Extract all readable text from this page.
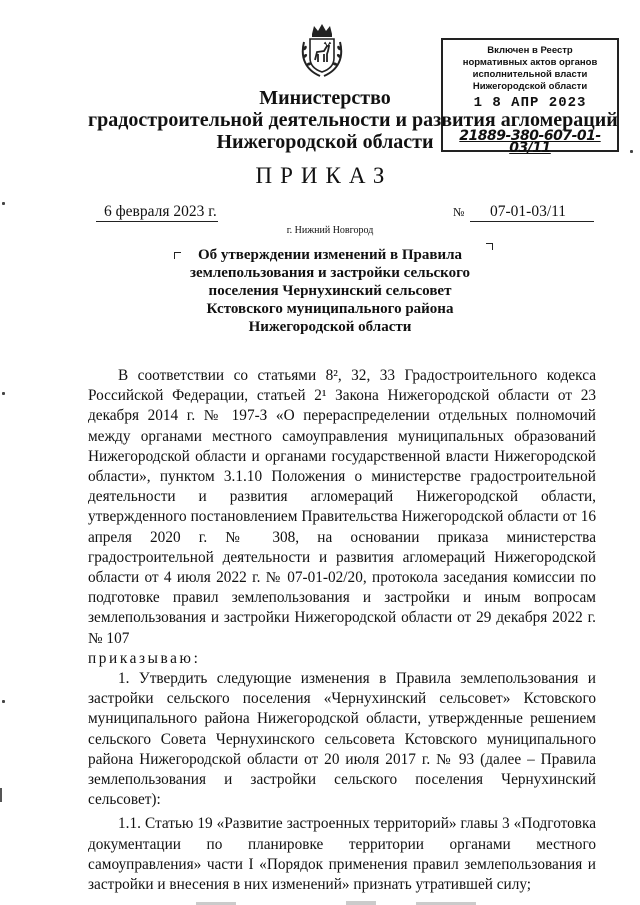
Включен в Реестр
нормативных актов органов
исполнительной власти
Нижегородской области
1 8 АПР 2023
21889-380-607-01-03/11
Министерство
градостроительной деятельности и развития агломераций
Нижегородской области
ПРИКАЗ
6 февраля 2023 г.	№ 07-01-03/11
г. Нижний Новгород
Об утверждении изменений в Правила
землепользования и застройки сельского
поселения Чернухинский сельсовет
Кстовского муниципального района
Нижегородской области

В соответствии со статьями 8², 32, 33 Градостроительного кодекса Российской Федерации, статьей 2¹ Закона Нижегородской области от 23 декабря 2014 г. № 197-З «О перераспределении отдельных полномочий между органами местного самоуправления муниципальных образований Нижегородской области и органами государственной власти Нижегородской области», пунктом 3.1.10 Положения о министерстве градостроительной деятельности и развития агломераций Нижегородской области, утвержденного постановлением Правительства Нижегородской области от 16 апреля 2020 г. № 308, на основании приказа министерства градостроительной деятельности и развития агломераций Нижегородской области от 4 июля 2022 г. № 07-01-02/20, протокола заседания комиссии по подготовке правил землепользования и застройки и иным вопросам землепользования и застройки Нижегородской области от 29 декабря 2022 г. № 107

приказываю:

1. Утвердить следующие изменения в Правила землепользования и застройки сельского поселения «Чернухинский сельсовет» Кстовского муниципального района Нижегородской области, утвержденные решением сельского Совета Чернухинского сельсовета Кстовского муниципального района Нижегородской области от 20 июля 2017 г. № 93 (далее – Правила землепользования и застройки сельского поселения Чернухинский сельсовет):

1.1. Статью 19 «Развитие застроенных территорий» главы 3 «Подготовка документации по планировке территории органами местного самоуправления» части I «Порядок применения правил землепользования и застройки и внесения в них изменений» признать утратившей силу;
